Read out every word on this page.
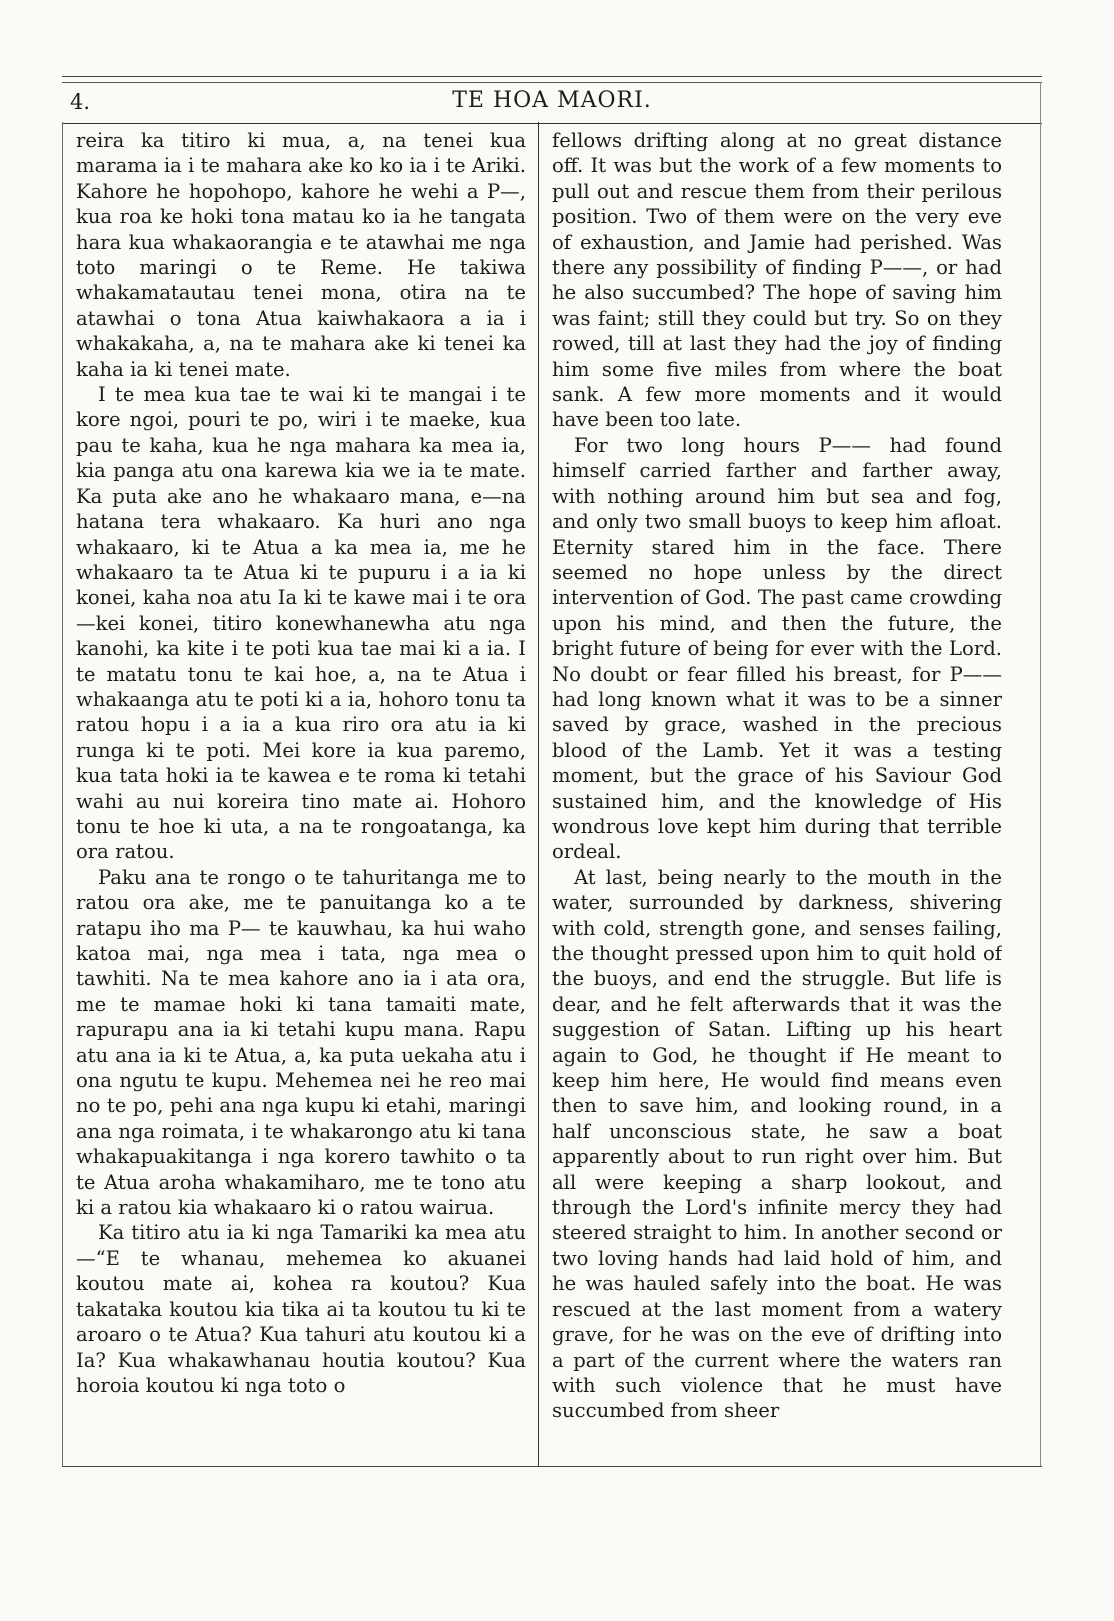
4.	TE HOA MAORI.

reira ka titiro ki mua, a, na tenei kua marama ia i te mahara ake ko ko ia i te Ariki. Kahore he hopohopo, kahore he wehi a P—, kua roa ke hoki tona matau ko ia he tangata hara kua whakaorangia e te atawhai me nga toto maringi o te Reme. He takiwa whakamatautau tenei mona, otira na te atawhai o tona Atua kaiwhakaora a ia i whakakaha, a, na te mahara ake ki tenei ka kaha ia ki tenei mate.

I te mea kua tae te wai ki te mangai i te kore ngoi, pouri te po, wiri i te maeke, kua pau te kaha, kua he nga mahara ka mea ia, kia panga atu ona karewa kia we ia te mate. Ka puta ake ano he whakaaro mana, e—na hatana tera whakaaro. Ka huri ano nga whakaaro, ki te Atua a ka mea ia, me he whakaaro ta te Atua ki te pupuru i a ia ki konei, kaha noa atu Ia ki te kawe mai i te ora—kei konei, titiro konewhanewha atu nga kanohi, ka kite i te poti kua tae mai ki a ia. I te matatu tonu te kai hoe, a, na te Atua i whakaanga atu te poti ki a ia, hohoro tonu ta ratou hopu i a ia a kua riro ora atu ia ki runga ki te poti. Mei kore ia kua paremo, kua tata hoki ia te kawea e te roma ki tetahi wahi au nui koreira tino mate ai. Hohoro tonu te hoe ki uta, a na te rongoatanga, ka ora ratou.

Paku ana te rongo o te tahuritanga me to ratou ora ake, me te panuitanga ko a te ratapu iho ma P— te kauwhau, ka hui waho katoa mai, nga mea i tata, nga mea o tawhiti. Na te mea kahore ano ia i ata ora, me te mamae hoki ki tana tamaiti mate, rapurapu ana ia ki tetahi kupu mana. Rapu atu ana ia ki te Atua, a, ka puta uekaha atu i ona ngutu te kupu. Mehemea nei he reo mai no te po, pehi ana nga kupu ki etahi, maringi ana nga roimata, i te whakarongo atu ki tana whakapuakitanga i nga korero tawhito o ta te Atua aroha whakamiharo, me te tono atu ki a ratou kia whakaaro ki o ratou wairua.

Ka titiro atu ia ki nga Tamariki ka mea atu—“E te whanau, mehemea ko akuanei koutou mate ai, kohea ra koutou? Kua takataka koutou kia tika ai ta koutou tu ki te aroaro o te Atua? Kua tahuri atu koutou ki a Ia? Kua whakawhanau houtia koutou? Kua horoia koutou ki nga toto o

fellows drifting along at no great distance off. It was but the work of a few moments to pull out and rescue them from their perilous position. Two of them were on the very eve of exhaustion, and Jamie had perished. Was there any possibility of finding P——, or had he also succumbed? The hope of saving him was faint; still they could but try. So on they rowed, till at last they had the joy of finding him some five miles from where the boat sank. A few more moments and it would have been too late.

For two long hours P—— had found himself carried farther and farther away, with nothing around him but sea and fog, and only two small buoys to keep him afloat. Eternity stared him in the face. There seemed no hope unless by the direct intervention of God. The past came crowding upon his mind, and then the future, the bright future of being for ever with the Lord. No doubt or fear filled his breast, for P—— had long known what it was to be a sinner saved by grace, washed in the precious blood of the Lamb. Yet it was a testing moment, but the grace of his Saviour God sustained him, and the knowledge of His wondrous love kept him during that terrible ordeal.

At last, being nearly to the mouth in the water, surrounded by darkness, shivering with cold, strength gone, and senses failing, the thought pressed upon him to quit hold of the buoys, and end the struggle. But life is dear, and he felt afterwards that it was the suggestion of Satan. Lifting up his heart again to God, he thought if He meant to keep him here, He would find means even then to save him, and looking round, in a half unconscious state, he saw a boat apparently about to run right over him. But all were keeping a sharp lookout, and through the Lord's infinite mercy they had steered straight to him. In another second or two loving hands had laid hold of him, and he was hauled safely into the boat. He was rescued at the last moment from a watery grave, for he was on the eve of drifting into a part of the current where the waters ran with such violence that he must have succumbed from sheer
